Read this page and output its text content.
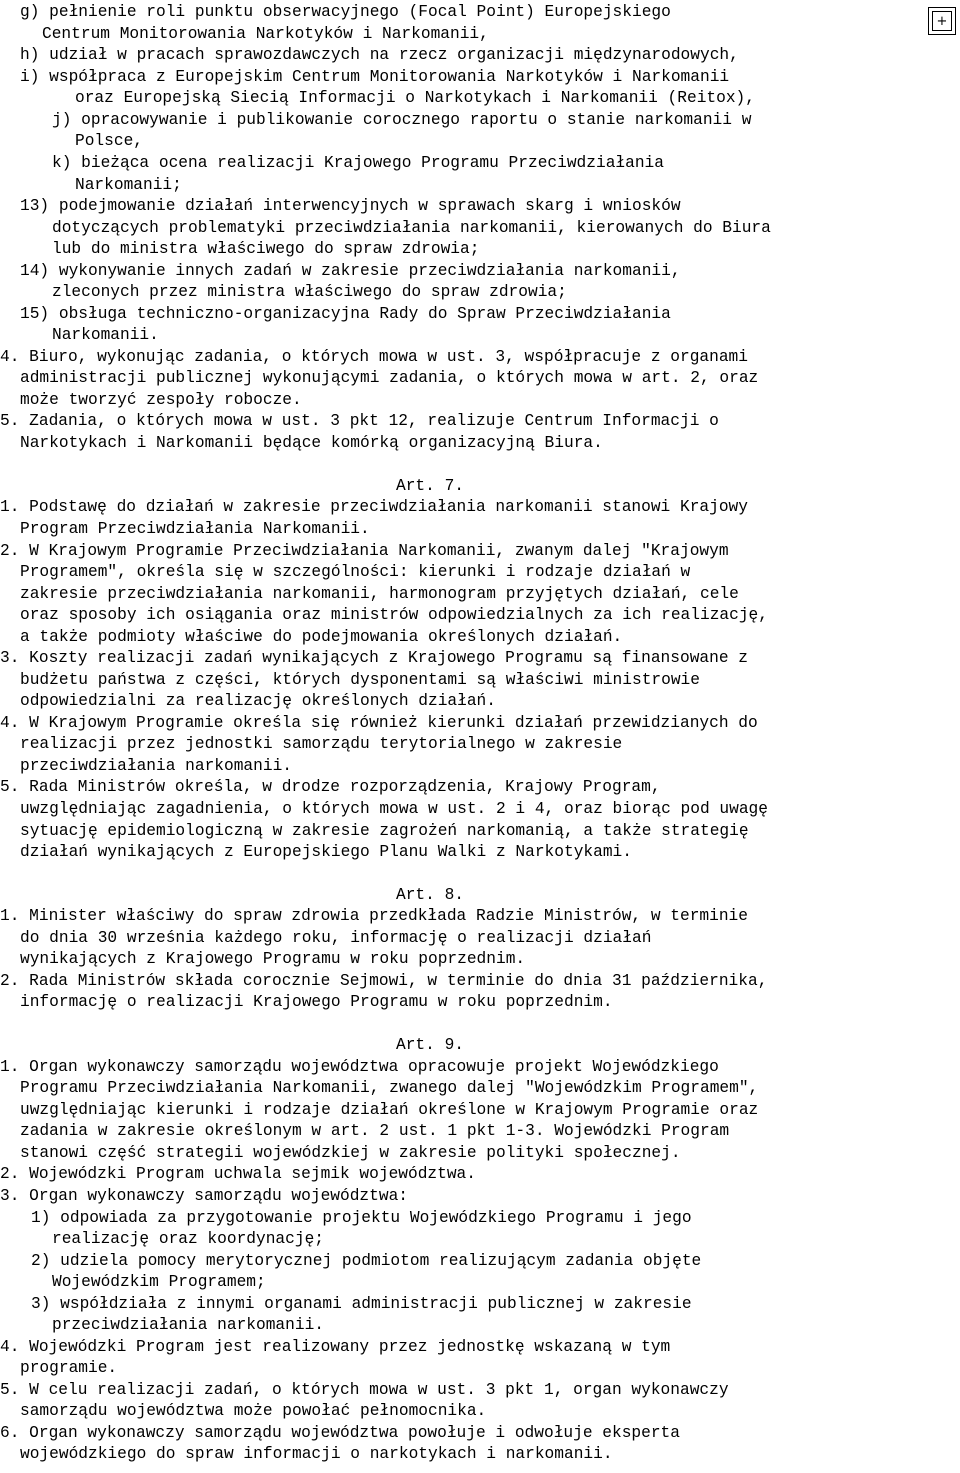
+

g) pełnienie roli punktu obserwacyjnego (Focal Point) Europejskiego

Centrum Monitorowania Narkotyków i Narkomanii,

h) udział w pracach sprawozdawczych na rzecz organizacji międzynarodowych,

i) współpraca z Europejskim Centrum Monitorowania Narkotyków i Narkomanii

oraz Europejską Siecią Informacji o Narkotykach i Narkomanii (Reitox),

j) opracowywanie i publikowanie corocznego raportu o stanie narkomanii w

Polsce,

k) bieżąca ocena realizacji Krajowego Programu Przeciwdziałania

Narkomanii;

13) podejmowanie działań interwencyjnych w sprawach skarg i wniosków

dotyczących problematyki przeciwdziałania narkomanii, kierowanych do Biura

lub do ministra właściwego do spraw zdrowia;

14) wykonywanie innych zadań w zakresie przeciwdziałania narkomanii,

zleconych przez ministra właściwego do spraw zdrowia;

15) obsługa techniczno-organizacyjna Rady do Spraw Przeciwdziałania

Narkomanii.

4. Biuro, wykonując zadania, o których mowa w ust. 3, współpracuje z organami

administracji publicznej wykonującymi zadania, o których mowa w art. 2, oraz

może tworzyć zespoły robocze.

5. Zadania, o których mowa w ust. 3 pkt 12, realizuje Centrum Informacji o

Narkotykach i Narkomanii będące komórką organizacyjną Biura.

Art. 7.

1. Podstawę do działań w zakresie przeciwdziałania narkomanii stanowi Krajowy

Program Przeciwdziałania Narkomanii.

2. W Krajowym Programie Przeciwdziałania Narkomanii, zwanym dalej "Krajowym

Programem", określa się w szczególności: kierunki i rodzaje działań w

zakresie przeciwdziałania narkomanii, harmonogram przyjętych działań, cele

oraz sposoby ich osiągania oraz ministrów odpowiedzialnych za ich realizację,

a także podmioty właściwe do podejmowania określonych działań.

3. Koszty realizacji zadań wynikających z Krajowego Programu są finansowane z

budżetu państwa z części, których dysponentami są właściwi ministrowie

odpowiedzialni za realizację określonych działań.

4. W Krajowym Programie określa się również kierunki działań przewidzianych do

realizacji przez jednostki samorządu terytorialnego w zakresie

przeciwdziałania narkomanii.

5. Rada Ministrów określa, w drodze rozporządzenia, Krajowy Program,

uwzględniając zagadnienia, o których mowa w ust. 2 i 4, oraz biorąc pod uwagę

sytuację epidemiologiczną w zakresie zagrożeń narkomanią, a także strategię

działań wynikających z Europejskiego Planu Walki z Narkotykami.

Art. 8.

1. Minister właściwy do spraw zdrowia przedkłada Radzie Ministrów, w terminie

do dnia 30 września każdego roku, informację o realizacji działań

wynikających z Krajowego Programu w roku poprzednim.

2. Rada Ministrów składa corocznie Sejmowi, w terminie do dnia 31 października,

informację o realizacji Krajowego Programu w roku poprzednim.

Art. 9.

1. Organ wykonawczy samorządu województwa opracowuje projekt Wojewódzkiego

Programu Przeciwdziałania Narkomanii, zwanego dalej "Wojewódzkim Programem",

uwzględniając kierunki i rodzaje działań określone w Krajowym Programie oraz

zadania w zakresie określonym w art. 2 ust. 1 pkt 1-3. Wojewódzki Program

stanowi część strategii wojewódzkiej w zakresie polityki społecznej.

2. Wojewódzki Program uchwala sejmik województwa.

3. Organ wykonawczy samorządu województwa:

1) odpowiada za przygotowanie projektu Wojewódzkiego Programu i jego

realizację oraz koordynację;

2) udziela pomocy merytorycznej podmiotom realizującym zadania objęte

Wojewódzkim Programem;

3) współdziała z innymi organami administracji publicznej w zakresie

przeciwdziałania narkomanii.

4. Wojewódzki Program jest realizowany przez jednostkę wskazaną w tym

programie.

5. W celu realizacji zadań, o których mowa w ust. 3 pkt 1, organ wykonawczy

samorządu województwa może powołać pełnomocnika.

6. Organ wykonawczy samorządu województwa powołuje i odwołuje eksperta

wojewódzkiego do spraw informacji o narkotykach i narkomanii.
